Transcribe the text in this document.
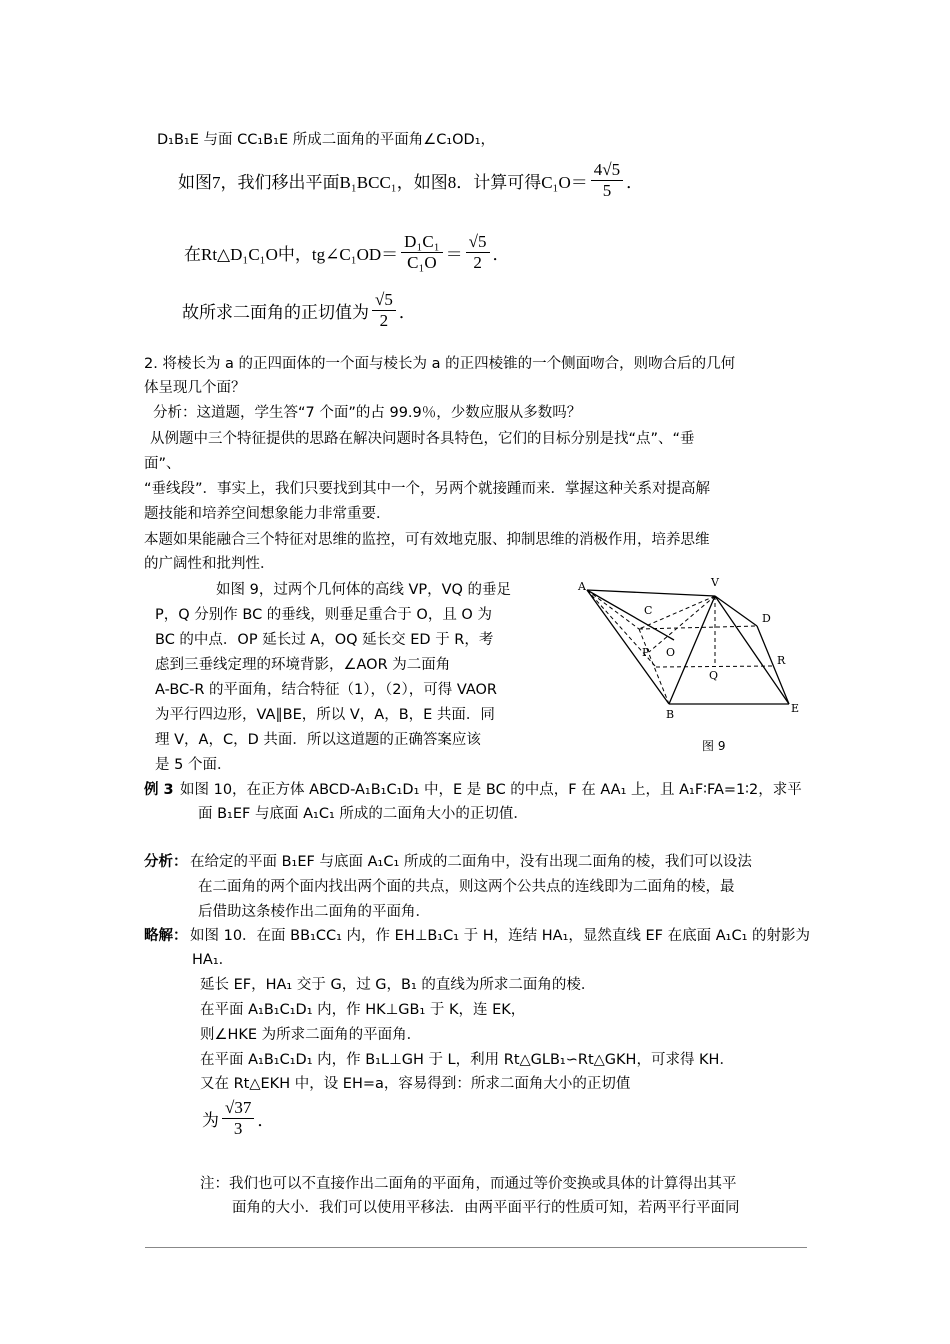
D₁B₁E 与面 CC₁B₁E 所成二面角的平面角∠C₁OD₁，
如图7，我们移出平面B₁BCC₁，如图8．计算可得$C_1O= \frac{4√5}{5}$ ．
在Rt△D₁C₁O中，tg∠C₁OD＝ $\frac{\text{D₁C₁}}{\text{C₁O}} = \frac{√5}{2}$ ．
故所求二面角的正切值为 $\frac{√5}{2}$ ．
2. 将棱长为 a 的正四面体的一个面与棱长为 a 的正四棱锥的一个侧面吻合，则吻合后的几何
体呈现几个面？
分析：这道题，学生答“7 个面”的占 99.9％，少数应服从多数吗？
从例题中三个特征提供的思路在解决问题时各具特色，它们的目标分别是找“点”、“垂
面”、
“垂线段”．事实上，我们只要找到其中一个，另两个就接踵而来．掌握这种关系对提高解
题技能和培养空间想象能力非常重要．
本题如果能融合三个特征对思维的监控，可有效地克服、抑制思维的消极作用，培养思维
的广阔性和批判性．
如图 9，过两个几何体的高线 VP，VQ 的垂足
P，Q 分别作 BC 的垂线，则垂足重合于 O，且 O 为
BC 的中点．OP 延长过 A，OQ 延长交 ED 于 R，考
虑到三垂线定理的环境背影，∠AOR 为二面角
A-BC-R 的平面角，结合特征（1），（2），可得 VAOR
为平行四边形，VA∥BE，所以 V，A，B，E 共面．同
理 V，A，C，D 共面．所以这道题的正确答案应该
是 5 个面．
A	V
C
D
P O
R
Q
B	E
图 9
例 3 如图 10，在正方体 ABCD-A₁B₁C₁D₁ 中，E 是 BC 的中点，F 在 AA₁ 上，且 A₁F∶FA=1∶2，求平
面 B₁EF 与底面 A₁C₁ 所成的二面角大小的正切值．
分析： 在给定的平面 B₁EF 与底面 A₁C₁ 所成的二面角中，没有出现二面角的棱，我们可以设法
在二面角的两个面内找出两个面的共点，则这两个公共点的连线即为二面角的棱，最
后借助这条棱作出二面角的平面角．
略解： 如图 10．在面 BB₁CC₁ 内，作 EH⊥B₁C₁ 于 H，连结 HA₁，显然直线 EF 在底面 A₁C₁ 的射影为
HA₁．
延长 EF，HA₁ 交于 G，过 G，B₁ 的直线为所求二面角的棱．
在平面 A₁B₁C₁D₁ 内，作 HK⊥GB₁ 于 K，连 EK，
则∠HKE 为所求二面角的平面角．
在平面 A₁B₁C₁D₁ 内，作 B₁L⊥GH 于 L，利用 Rt△GLB₁∽Rt△GKH，可求得 KH．
又在 Rt△EKH 中，设 EH=a，容易得到：所求二面角大小的正切值
为 $\frac{√37}{3}$ ．
注：我们也可以不直接作出二面角的平面角，而通过等价变换或具体的计算得出其平
面角的大小．我们可以使用平移法．由两平面平行的性质可知，若两平行平面同
